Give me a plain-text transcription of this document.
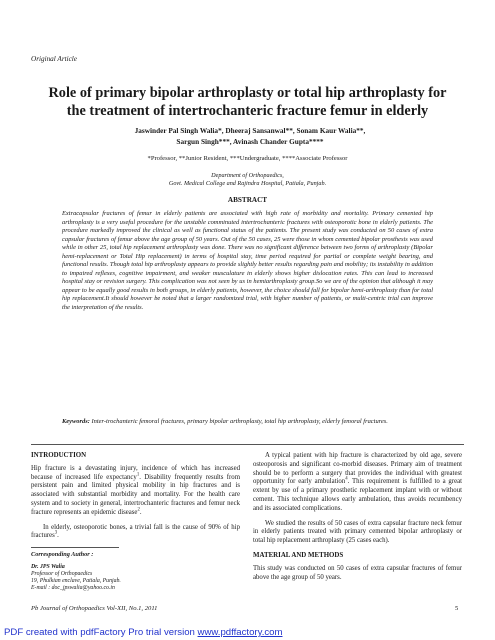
Original Article
Role of primary bipolar arthroplasty or total hip arthroplasty for the treatment of intertrochanteric fracture femur in elderly
Jaswinder Pal Singh Walia*, Dheeraj Sansanwal**, Sonam Kaur Walia**,
Sargun Singh***, Avinash Chander Gupta****
*Professor, **Junior Resident, ***Undergraduate, ****Associate Professor
Department of Orthopaedics,
Govt. Medical College and Rajindra Hospital, Patiala, Punjab.
ABSTRACT

Extracapsular fractures of femur in elderly patients are associated with high rate of morbidity and mortality. Primary cemented hip arthroplasty is a very useful procedure for the unstable comminuted intertrochanteric fractures with osteoporotic bone in elderly patients. The procedure markedly improved the clinical as well as functional status of the patients. The present study was conducted on 50 cases of extra capsular fractures of femur above the age group of 50 years. Out of the 50 cases, 25 were those in whom cemented bipolar prosthesis was used while in other 25, total hip replacement arthroplasty was done. There was no significant difference between two forms of arthroplasty (Bipolar hemi-replacement or Total Hip replacement) in terms of hospital stay, time period required for partial or complete weight bearing, and functional results. Though total hip arthroplasty appears to provide slightly better results regarding pain and mobility; its instability in addition to impaired reflexes, cognitive impairment, and weaker musculature in elderly shows higher dislocation rates. This can lead to increased hospital stay or revision surgery. This complication was not seen by us in hemiarthroplasty group.So we are of the opinion that although it may appear to be equally good results in both groups, in elderly patients, however, the choice should fall for bipolar hemi-arthroplasty than for total hip replacement.It should however be noted that a larger randomized trial, with higher number of patients, or multi-centric trial can improve the interpretation of the results.

Keywords: Inter-trochanteric femoral fractures, primary bipolar arthroplasty, total hip arthroplasty, elderly femoral fractures.
INTRODUCTION

Hip fracture is a devastating injury, incidence of which has increased because of increased life expectancy$^1$. Disability frequently results from persistent pain and limited physical mobility in hip fractures and is associated with substantial morbidity and mortality. For the health care system and to society in general, intertrochanteric fractures and femur neck fracture represents an epidemic disease$^2$.

In elderly, osteoporotic bones, a trivial fall is the cause of 90% of hip fractures$^3$.

Corresponding Author :
Dr. JPS Walia
Professor of Orthopaedics
19, Phulkian enclave, Patiala, Punjab.
E-mail : doc_jpswalia@yahoo.co.in

A typical patient with hip fracture is characterized by old age, severe osteoporosis and significant co-morbid diseases. Primary aim of treatment should be to perform a surgery that provides the individual with greatest opportunity for early ambulation$^4$. This requirement is fulfilled to a great extent by use of a primary prosthetic replacement implant with or without cement. This technique allows early ambulation, thus avoids recumbency and its associated complications.

We studied the results of 50 cases of extra capsular fracture neck femur in elderly patients treated with primary cemented bipolar arthroplasty or total hip replacement arthroplasty (25 cases each).

MATERIAL AND METHODS

This study was conducted on 50 cases of extra capsular fractures of femur above the age group of 50 years.

Pb Journal of Orthopaedics Vol-XII, No.1, 2011	5
PDF created with pdfFactory Pro trial version www.pdffactory.com
